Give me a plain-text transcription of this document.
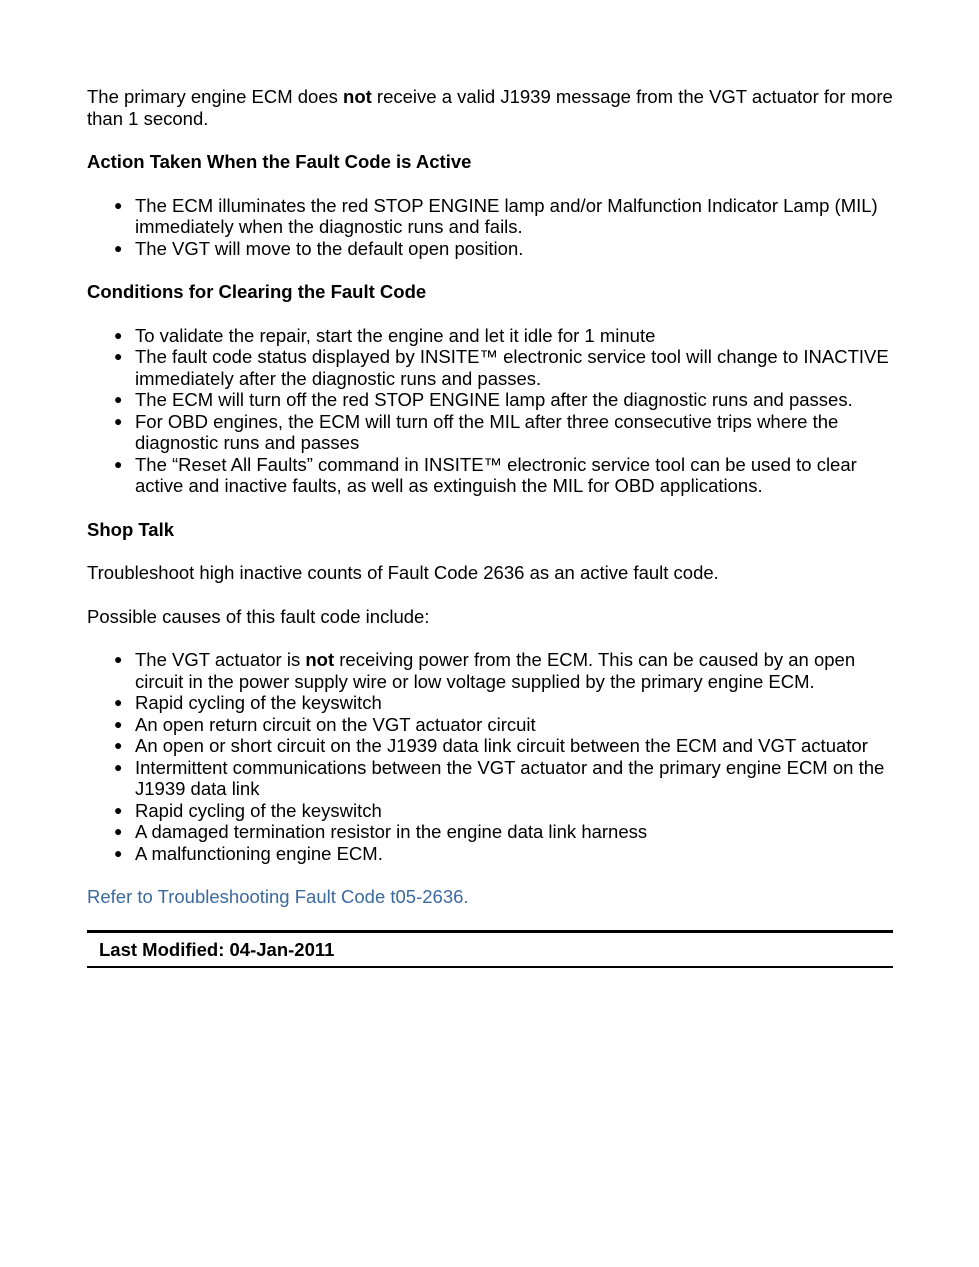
The primary engine ECM does not receive a valid J1939 message from the VGT actuator for more than 1 second.

Action Taken When the Fault Code is Active
● The ECM illuminates the red STOP ENGINE lamp and/or Malfunction Indicator Lamp (MIL) immediately when the diagnostic runs and fails.
● The VGT will move to the default open position.
Conditions for Clearing the Fault Code
● To validate the repair, start the engine and let it idle for 1 minute
● The fault code status displayed by INSITE™ electronic service tool will change to INACTIVE immediately after the diagnostic runs and passes.
● The ECM will turn off the red STOP ENGINE lamp after the diagnostic runs and passes.
● For OBD engines, the ECM will turn off the MIL after three consecutive trips where the diagnostic runs and passes
● The “Reset All Faults” command in INSITE™ electronic service tool can be used to clear active and inactive faults, as well as extinguish the MIL for OBD applications.
Shop Talk

Troubleshoot high inactive counts of Fault Code 2636 as an active fault code.

Possible causes of this fault code include:

● The VGT actuator is not receiving power from the ECM. This can be caused by an open circuit in the power supply wire or low voltage supplied by the primary engine ECM.
● Rapid cycling of the keyswitch
● An open return circuit on the VGT actuator circuit
● An open or short circuit on the J1939 data link circuit between the ECM and VGT actuator
● Intermittent communications between the VGT actuator and the primary engine ECM on the J1939 data link
● Rapid cycling of the keyswitch
● A damaged termination resistor in the engine data link harness
● A malfunctioning engine ECM.

Refer to Troubleshooting Fault Code t05-2636.

Last Modified: 04-Jan-2011
